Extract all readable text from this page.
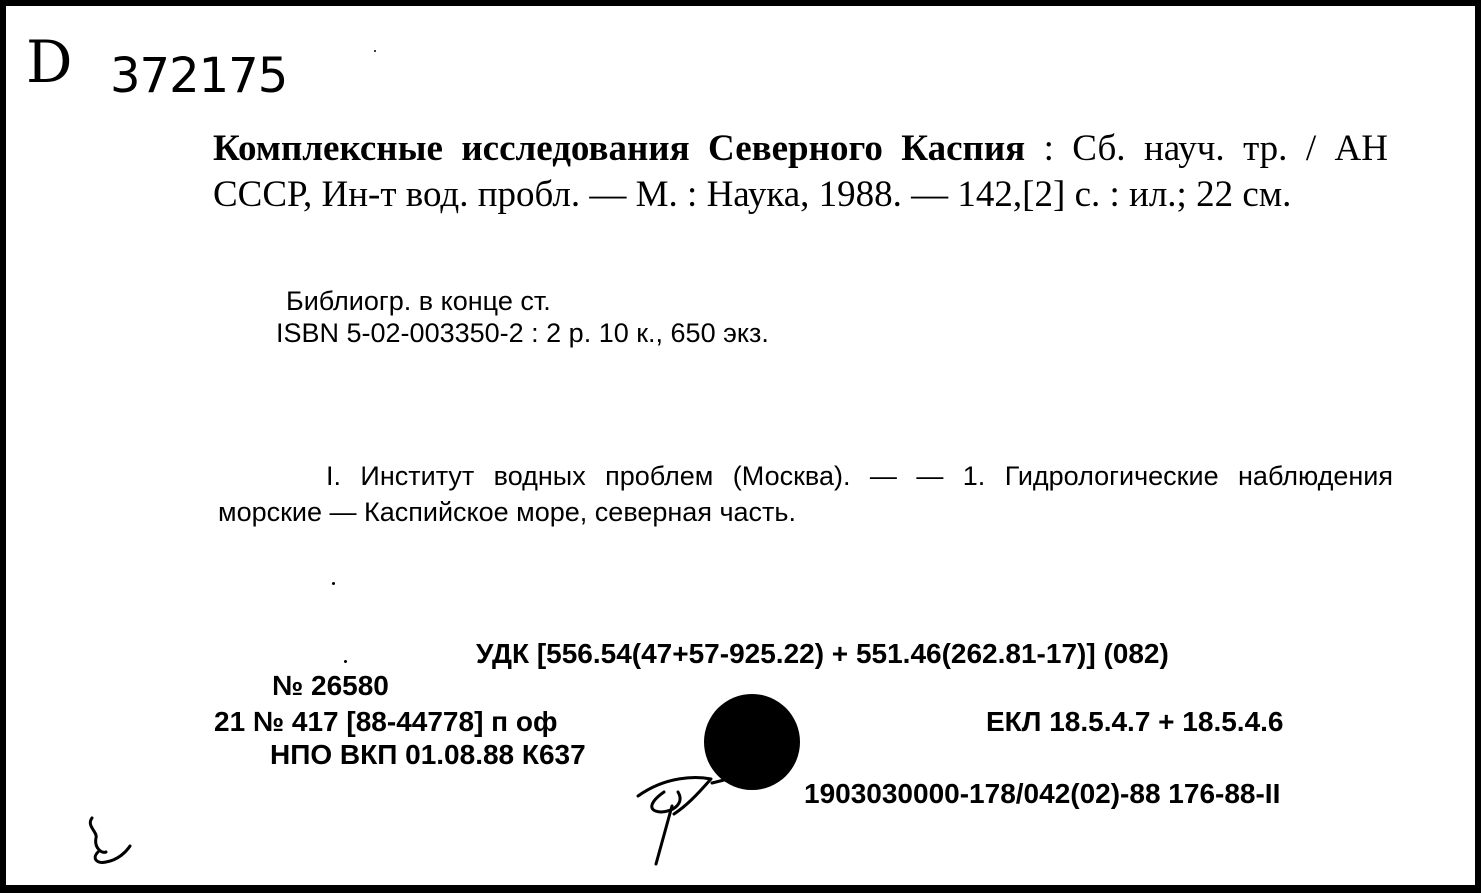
D 372175
Комплексные исследования Северного Каспия : Сб. науч. тр. / АН СССР, Ин-т вод. пробл. — М. : Наука, 1988. — 142,[2] с. : ил.; 22 см.
Библиогр. в конце ст.
ISBN 5-02-003350-2 : 2 р. 10 к., 650 экз.
I. Институт водных проблем (Москва). — — 1. Гидрологические наблюдения морские — Каспийское море, северная часть.
УДК [556.54(47+57-925.22) + 551.46(262.81-17)] (082)
№ 26580
21 № 417 [88-44778] п оф	ЕКЛ 18.5.4.7 + 18.5.4.6
НПО ВКП 01.08.88 К637
1903030000-178/042(02)-88 176-88-II
